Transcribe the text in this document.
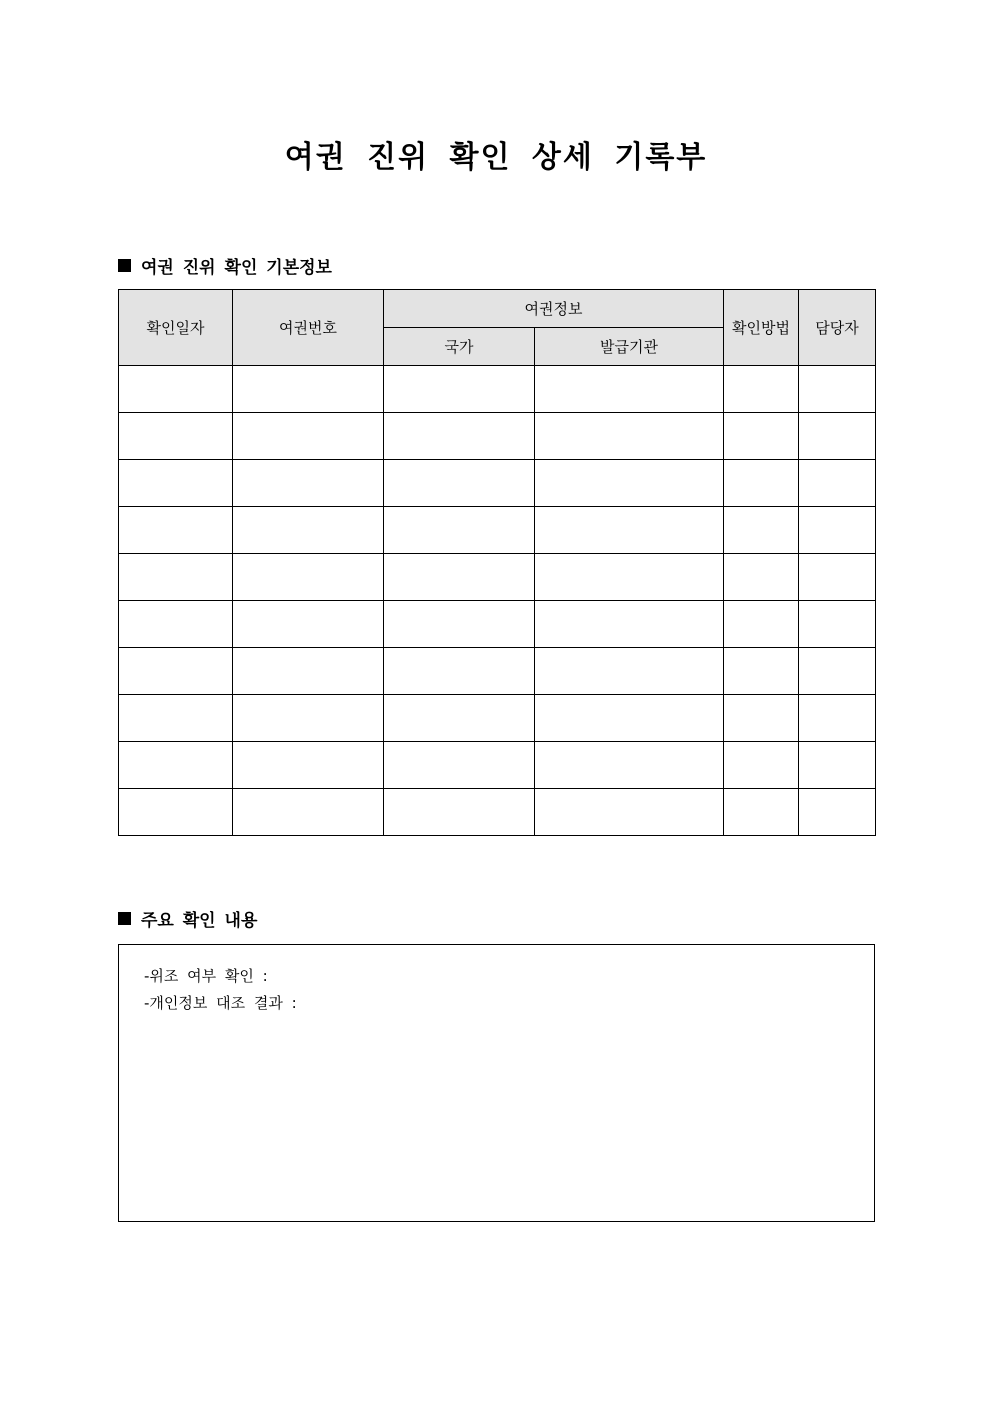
여권 진위 확인 상세 기록부
여권 진위 확인 기본정보
확인일자	여권번호	여권정보		확인방법	담당자
		국가	발급기관		

주요 확인 내용
-위조 여부 확인 :
-개인정보 대조 결과 :
